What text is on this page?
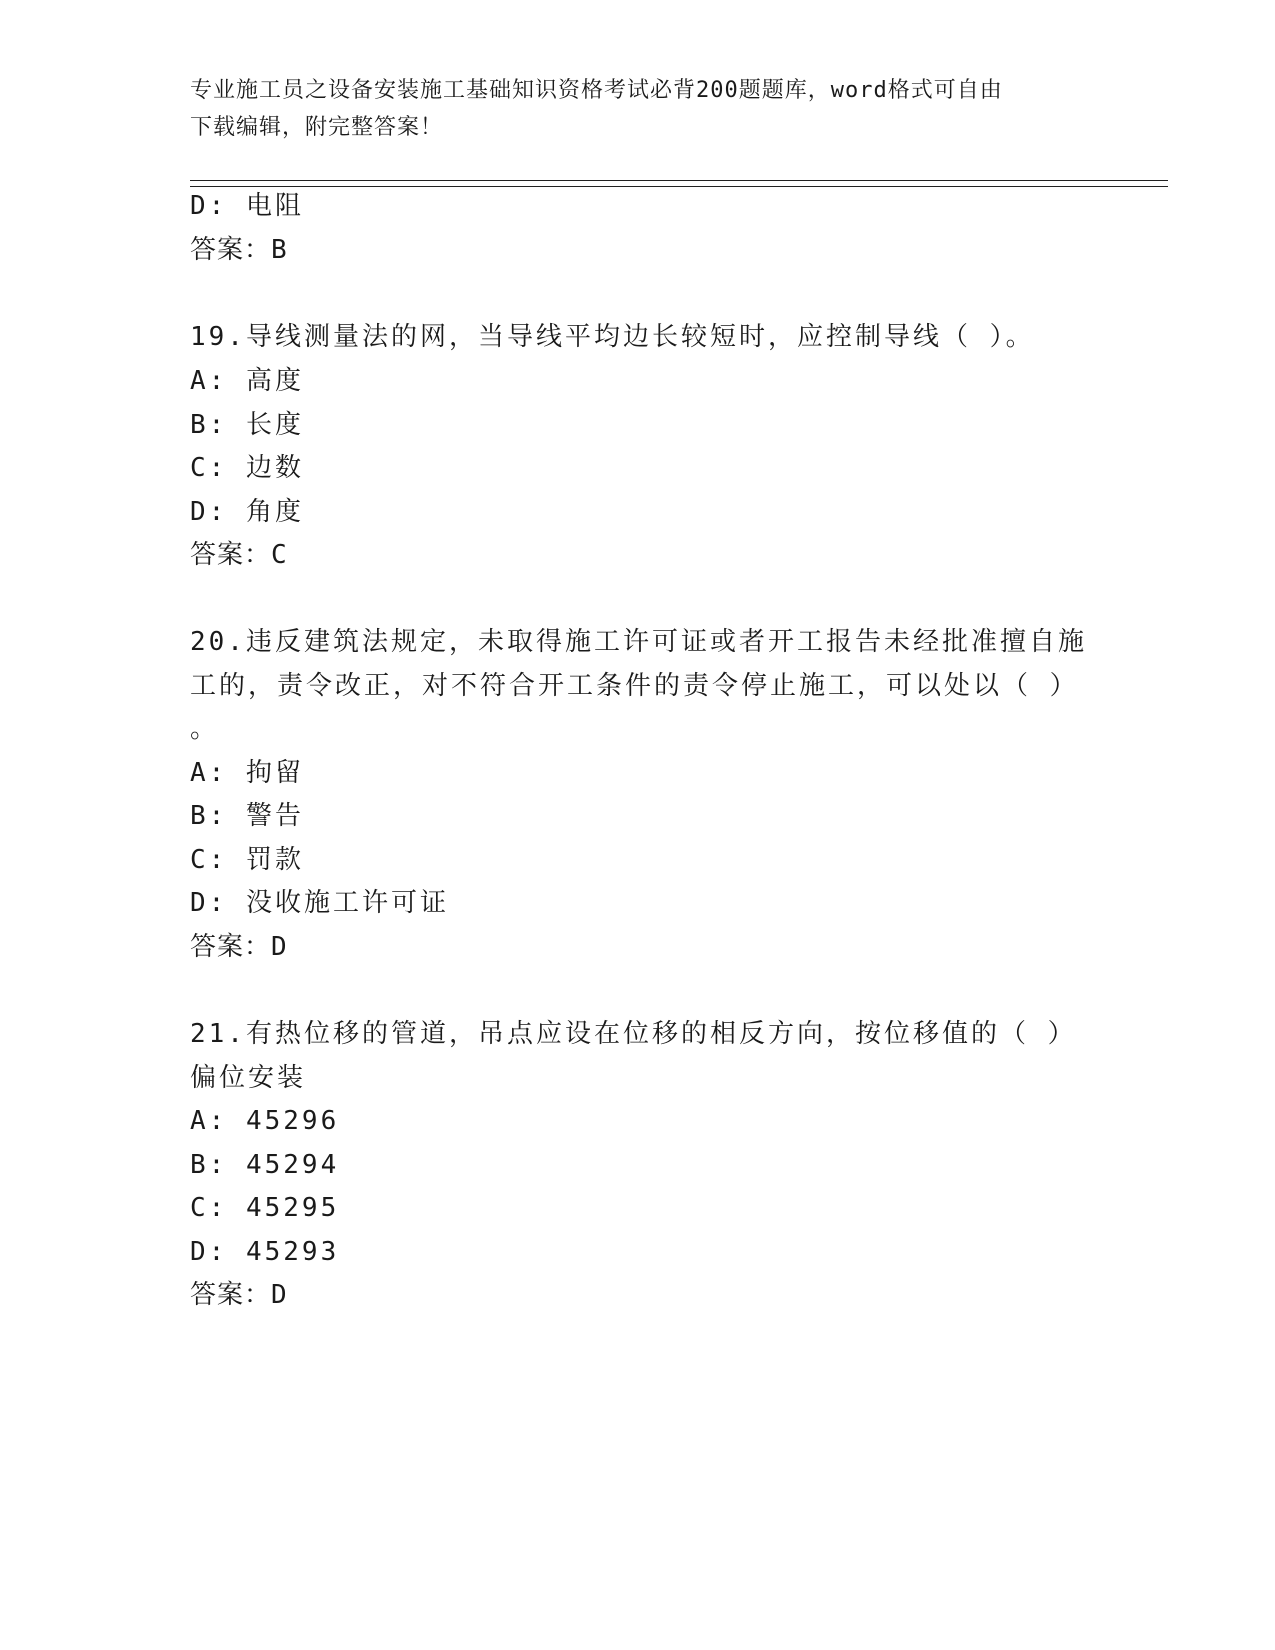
专业施工员之设备安装施工基础知识资格考试必背200题题库，word格式可自由
下载编辑，附完整答案！
D: 电阻
答案：B
19.导线测量法的网，当导线平均边长较短时，应控制导线（ ）。
A: 高度
B: 长度
C: 边数
D: 角度
答案：C
20.违反建筑法规定，未取得施工许可证或者开工报告未经批准擅自施
工的，责令改正，对不符合开工条件的责令停止施工，可以处以（ ）
。
A: 拘留
B: 警告
C: 罚款
D: 没收施工许可证
答案：D
21.有热位移的管道，吊点应设在位移的相反方向，按位移值的（ ）
偏位安装
A: 45296
B: 45294
C: 45295
D: 45293
答案：D
